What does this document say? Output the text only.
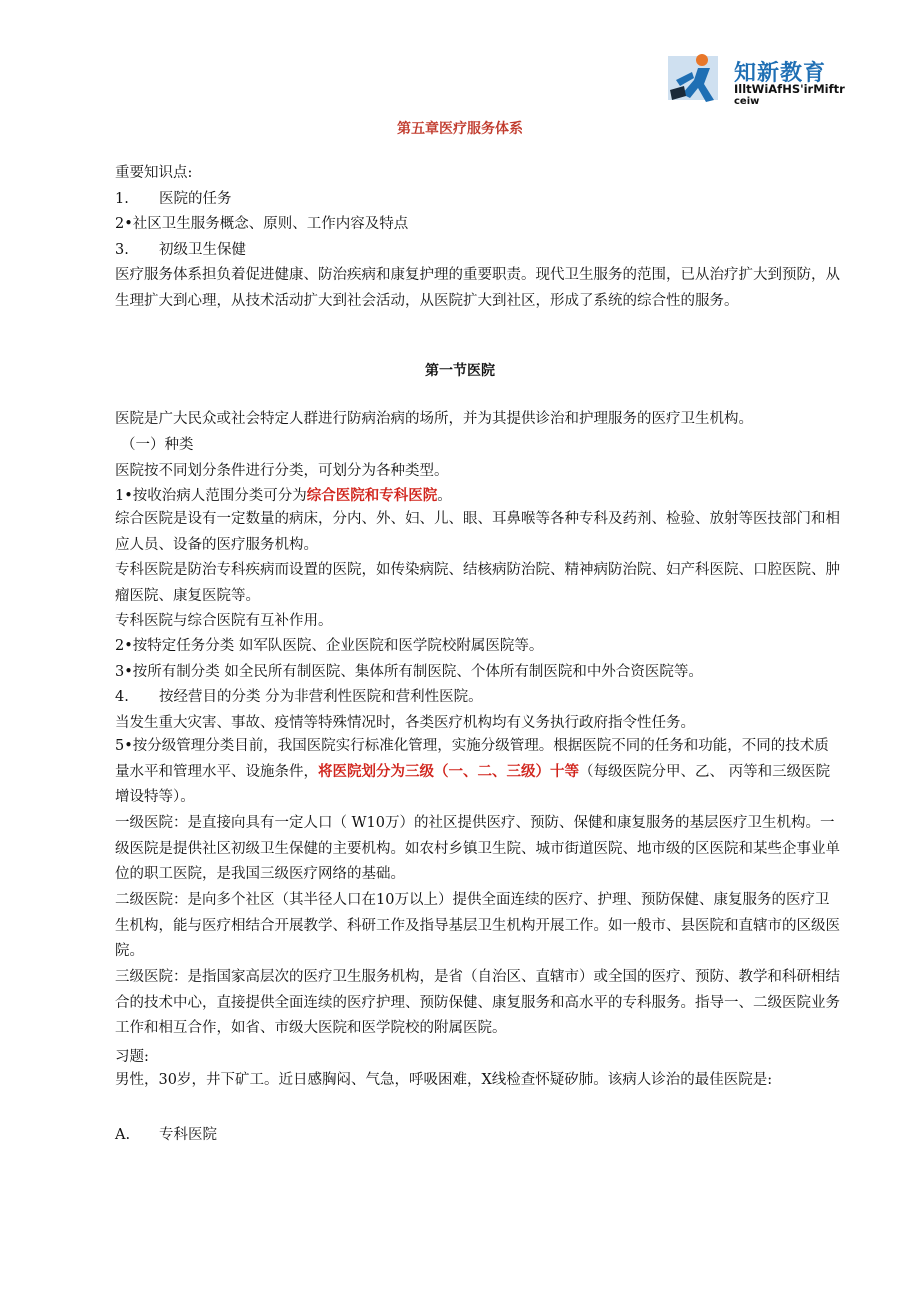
知新教育
IlltWiAfHS'irMiftr
ceiw
第五章医疗服务体系
重要知识点:
1. 医院的任务
2•社区卫生服务概念、原则、工作内容及特点
3. 初级卫生保健
医疗服务体系担负着促进健康、防治疾病和康复护理的重要职责。现代卫生服务的范围，已从治疗扩大到预防，从生理扩大到心理，从技术活动扩大到社会活动，从医院扩大到社区，形成了系统的综合性的服务。
第一节医院
医院是广大民众或社会特定人群进行防病治病的场所，并为其提供诊治和护理服务的医疗卫生机构。
（一）种类
医院按不同划分条件进行分类，可划分为各种类型。
1•按收治病人范围分类可分为综合医院和专科医院。
综合医院是设有一定数量的病床，分内、外、妇、儿、眼、耳鼻喉等各种专科及药剂、检验、放射等医技部门和相应人员、设备的医疗服务机构。
专科医院是防治专科疾病而设置的医院，如传染病院、结核病防治院、精神病防治院、妇产科医院、口腔医院、肿瘤医院、康复医院等。
专科医院与综合医院有互补作用。
2•按特定任务分类 如军队医院、企业医院和医学院校附属医院等。
3•按所有制分类 如全民所有制医院、集体所有制医院、个体所有制医院和中外合资医院等。
4. 按经营目的分类 分为非营利性医院和营利性医院。
当发生重大灾害、事故、疫情等特殊情况时，各类医疗机构均有义务执行政府指令性任务。
5•按分级管理分类目前，我国医院实行标准化管理，实施分级管理。根据医院不同的任务和功能，不同的技术质量水平和管理水平、设施条件，将医院划分为三级（一、二、三级）十等（每级医院分甲、乙、 丙等和三级医院增设特等）。
一级医院：是直接向具有一定人口（ W10万）的社区提供医疗、预防、保健和康复服务的基层医疗卫生机构。一级医院是提供社区初级卫生保健的主要机构。如农村乡镇卫生院、城市街道医院、地市级的区医院和某些企事业单位的职工医院，是我国三级医疗网络的基础。
二级医院：是向多个社区（其半径人口在10万以上）提供全面连续的医疗、护理、预防保健、康复服务的医疗卫生机构，能与医疗相结合开展教学、科研工作及指导基层卫生机构开展工作。如一般市、县医院和直辖市的区级医院。
三级医院：是指国家高层次的医疗卫生服务机构，是省（自治区、直辖市）或全国的医疗、预防、教学和科研相结合的技术中心，直接提供全面连续的医疗护理、预防保健、康复服务和高水平的专科服务。指导一、二级医院业务工作和相互合作，如省、市级大医院和医学院校的附属医院。
习题:
男性，30岁，井下矿工。近日感胸闷、气急，呼吸困难，X线检查怀疑矽肺。该病人诊治的最佳医院是:
A. 专科医院
